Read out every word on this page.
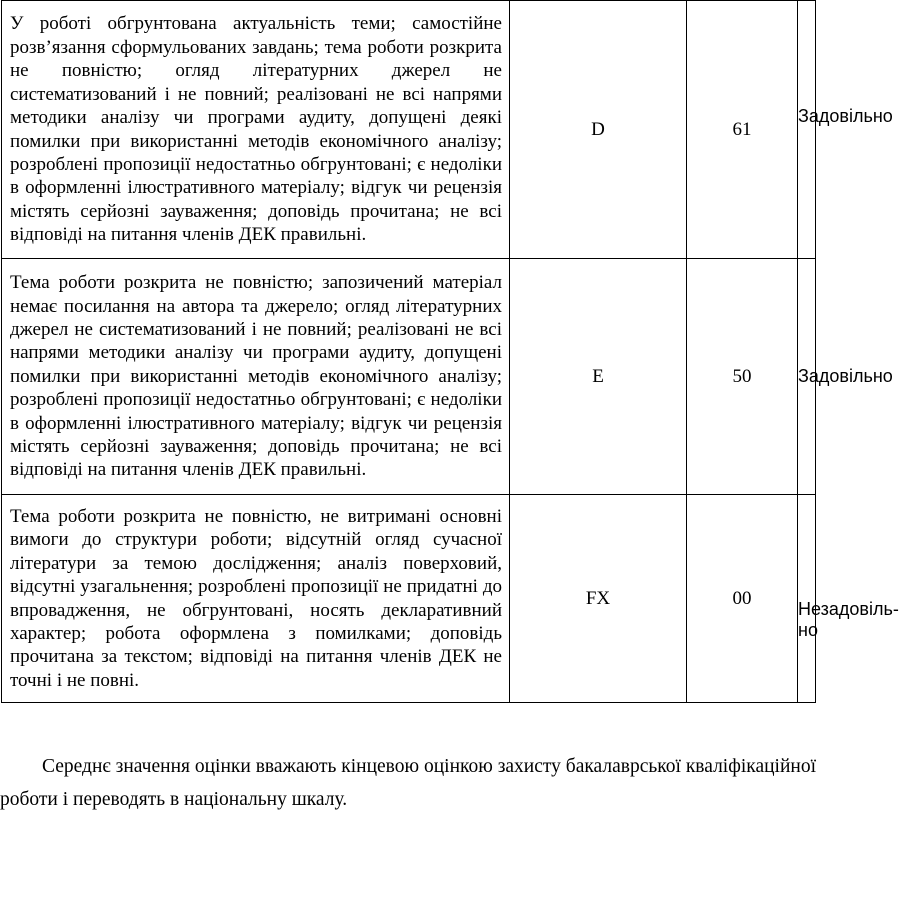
У роботі обгрунтована актуальність теми; самостійне розв’язання сформульованих завдань; тема роботи розкрита не повністю; огляд літературних джерел не систематизований і не повний; реалізовані не всі напрями методики аналізу чи програми аудиту, допущені деякі помилки при використанні методів економічного аналізу; розроблені пропозиції недостатньо обгрунтовані; є недоліки в оформленні ілюстративного матеріалу; відгук чи рецензія містять серйозні зауваження; доповідь прочитана; не всі відповіді на питання членів ДЕК правильні.	D	61	Задовільно
Тема роботи розкрита не повністю; запозичений матеріал немає посилання на автора та джерело; огляд літературних джерел не систематизований і не повний; реалізовані не всі напрями методики аналізу чи програми аудиту, допущені помилки при використанні методів економічного аналізу; розроблені пропозиції недостатньо обгрунтовані; є недоліки в оформленні ілюстративного матеріалу; відгук чи рецензія містять серйозні зауваження; доповідь прочитана; не всі відповіді на питання членів ДЕК правильні.	E	50	Задовільно
Тема роботи розкрита не повністю, не витримані основні вимоги до структури роботи; відсутній огляд сучасної літератури за темою дослідження; аналіз поверховий, відсутні узагальнення; розроблені пропозиції не придатні до впровадження, не обгрунтовані, носять декларативний характер; робота оформлена з помилками; доповідь прочитана за текстом; відповіді на питання членів ДЕК не точні і не повні.	FX	00	Незадовіль-
но

Середнє значення оцінки вважають кінцевою оцінкою захисту бакалаврської кваліфікаційної роботи і переводять в національну шкалу.
